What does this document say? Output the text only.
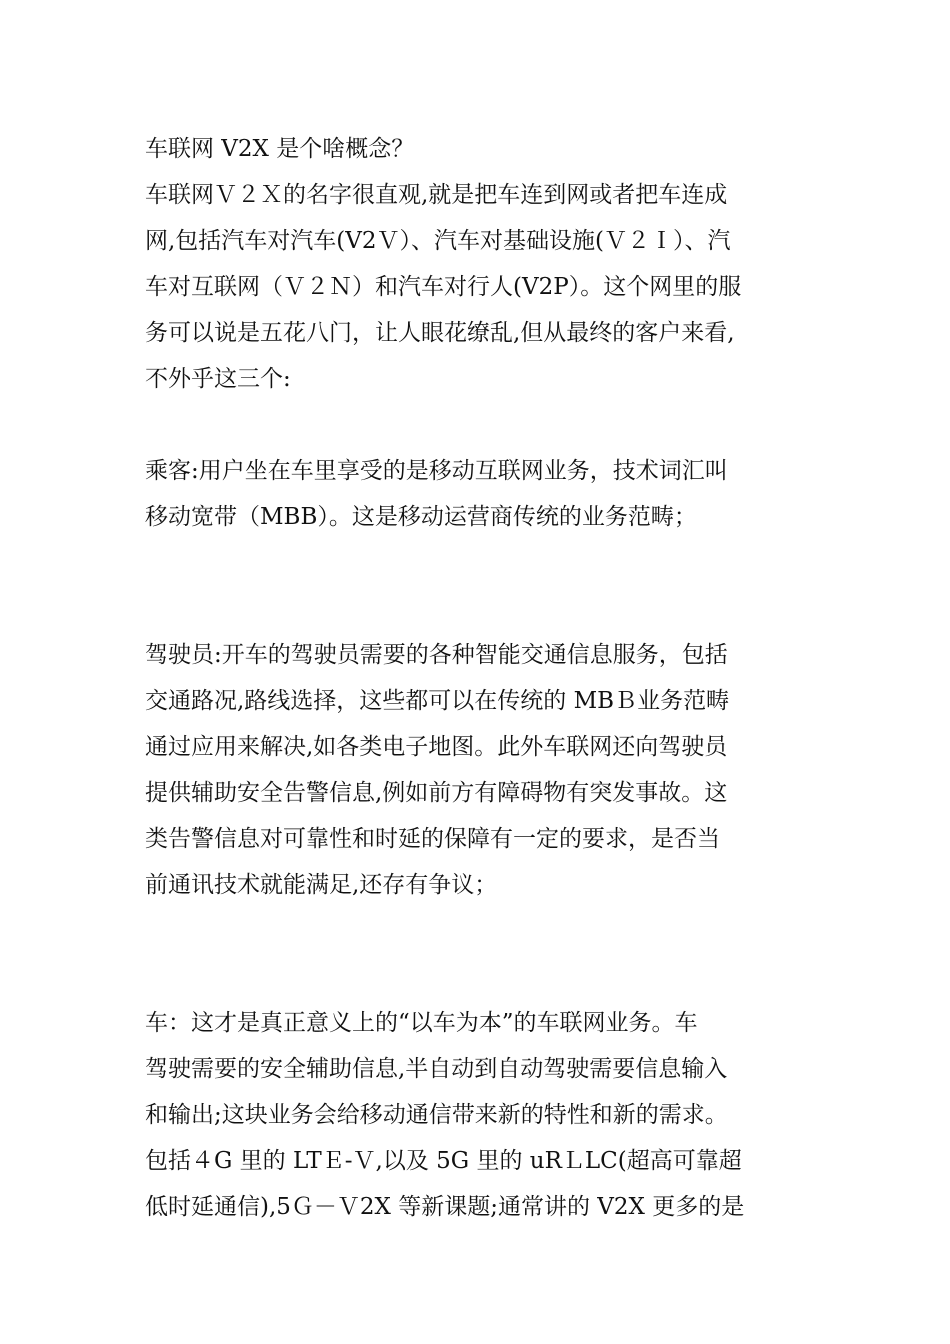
车联网 V2X 是个啥概念？
车联网Ｖ２Ｘ的名字很直观,就是把车连到网或者把车连成
网,包括汽车对汽车(V2Ｖ）、汽车对基础设施(Ｖ２Ｉ）、汽
车对互联网（Ｖ２Ｎ）和汽车对行人(V2P）。这个网里的服
务可以说是五花八门，让人眼花缭乱,但从最终的客户来看,
不外乎这三个:
乘客:用户坐在车里享受的是移动互联网业务，技术词汇叫
移动宽带（MBB）。这是移动运营商传统的业务范畴；
驾驶员:开车的驾驶员需要的各种智能交通信息服务，包括
交通路况,路线选择，这些都可以在传统的 MBＢ业务范畴
通过应用来解决,如各类电子地图。此外车联网还向驾驶员
提供辅助安全告警信息,例如前方有障碍物有突发事故。这
类告警信息对可靠性和时延的保障有一定的要求，是否当
前通讯技术就能满足,还存有争议；
车：这才是真正意义上的“以车为本”的车联网业务。车
驾驶需要的安全辅助信息,半自动到自动驾驶需要信息输入
和输出;这块业务会给移动通信带来新的特性和新的需求。
包括４G 里的 LTＥ-Ｖ,以及 5G 里的 uRＬLC(超高可靠超
低时延通信),5Ｇ－Ｖ2X 等新课题;通常讲的 V2X 更多的是
